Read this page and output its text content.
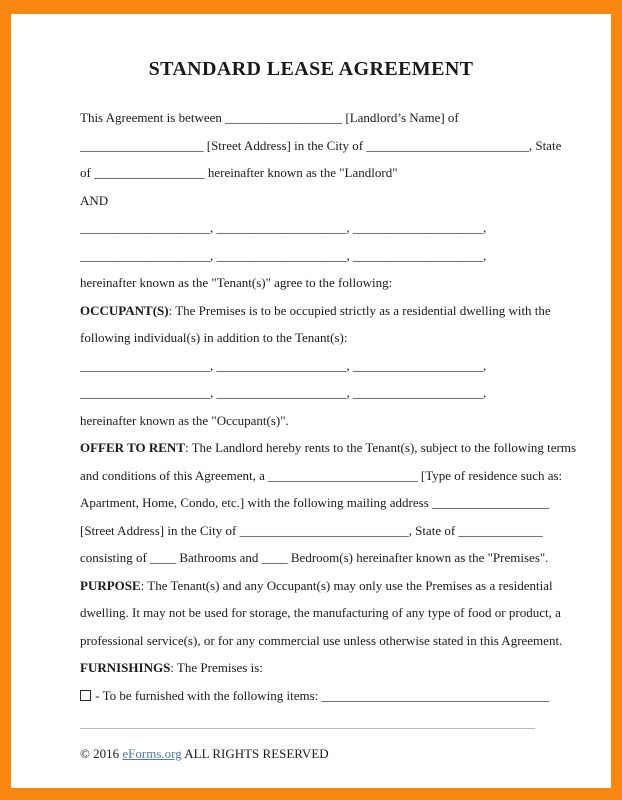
STANDARD LEASE AGREEMENT
This Agreement is between __________________ [Landlord’s Name] of
___________________ [Street Address] in the City of _________________________, State
of _________________ hereinafter known as the "Landlord"
AND
____________________, ____________________, ____________________,
____________________, ____________________, ____________________,
hereinafter known as the "Tenant(s)" agree to the following:
OCCUPANT(S): The Premises is to be occupied strictly as a residential dwelling with the
following individual(s) in addition to the Tenant(s):
____________________, ____________________, ____________________,
____________________, ____________________, ____________________,
hereinafter known as the "Occupant(s)".
OFFER TO RENT: The Landlord hereby rents to the Tenant(s), subject to the following terms
and conditions of this Agreement, a _______________________ [Type of residence such as:
Apartment, Home, Condo, etc.] with the following mailing address __________________
[Street Address] in the City of __________________________, State of _____________
consisting of ____ Bathrooms and ____ Bedroom(s) hereinafter known as the "Premises".
PURPOSE: The Tenant(s) and any Occupant(s) may only use the Premises as a residential
dwelling. It may not be used for storage, the manufacturing of any type of food or product, a
professional service(s), or for any commercial use unless otherwise stated in this Agreement.
FURNISHINGS: The Premises is:
- To be furnished with the following items: ___________________________________
______________________________________________________________________
© 2016 eForms.org ALL RIGHTS RESERVED
